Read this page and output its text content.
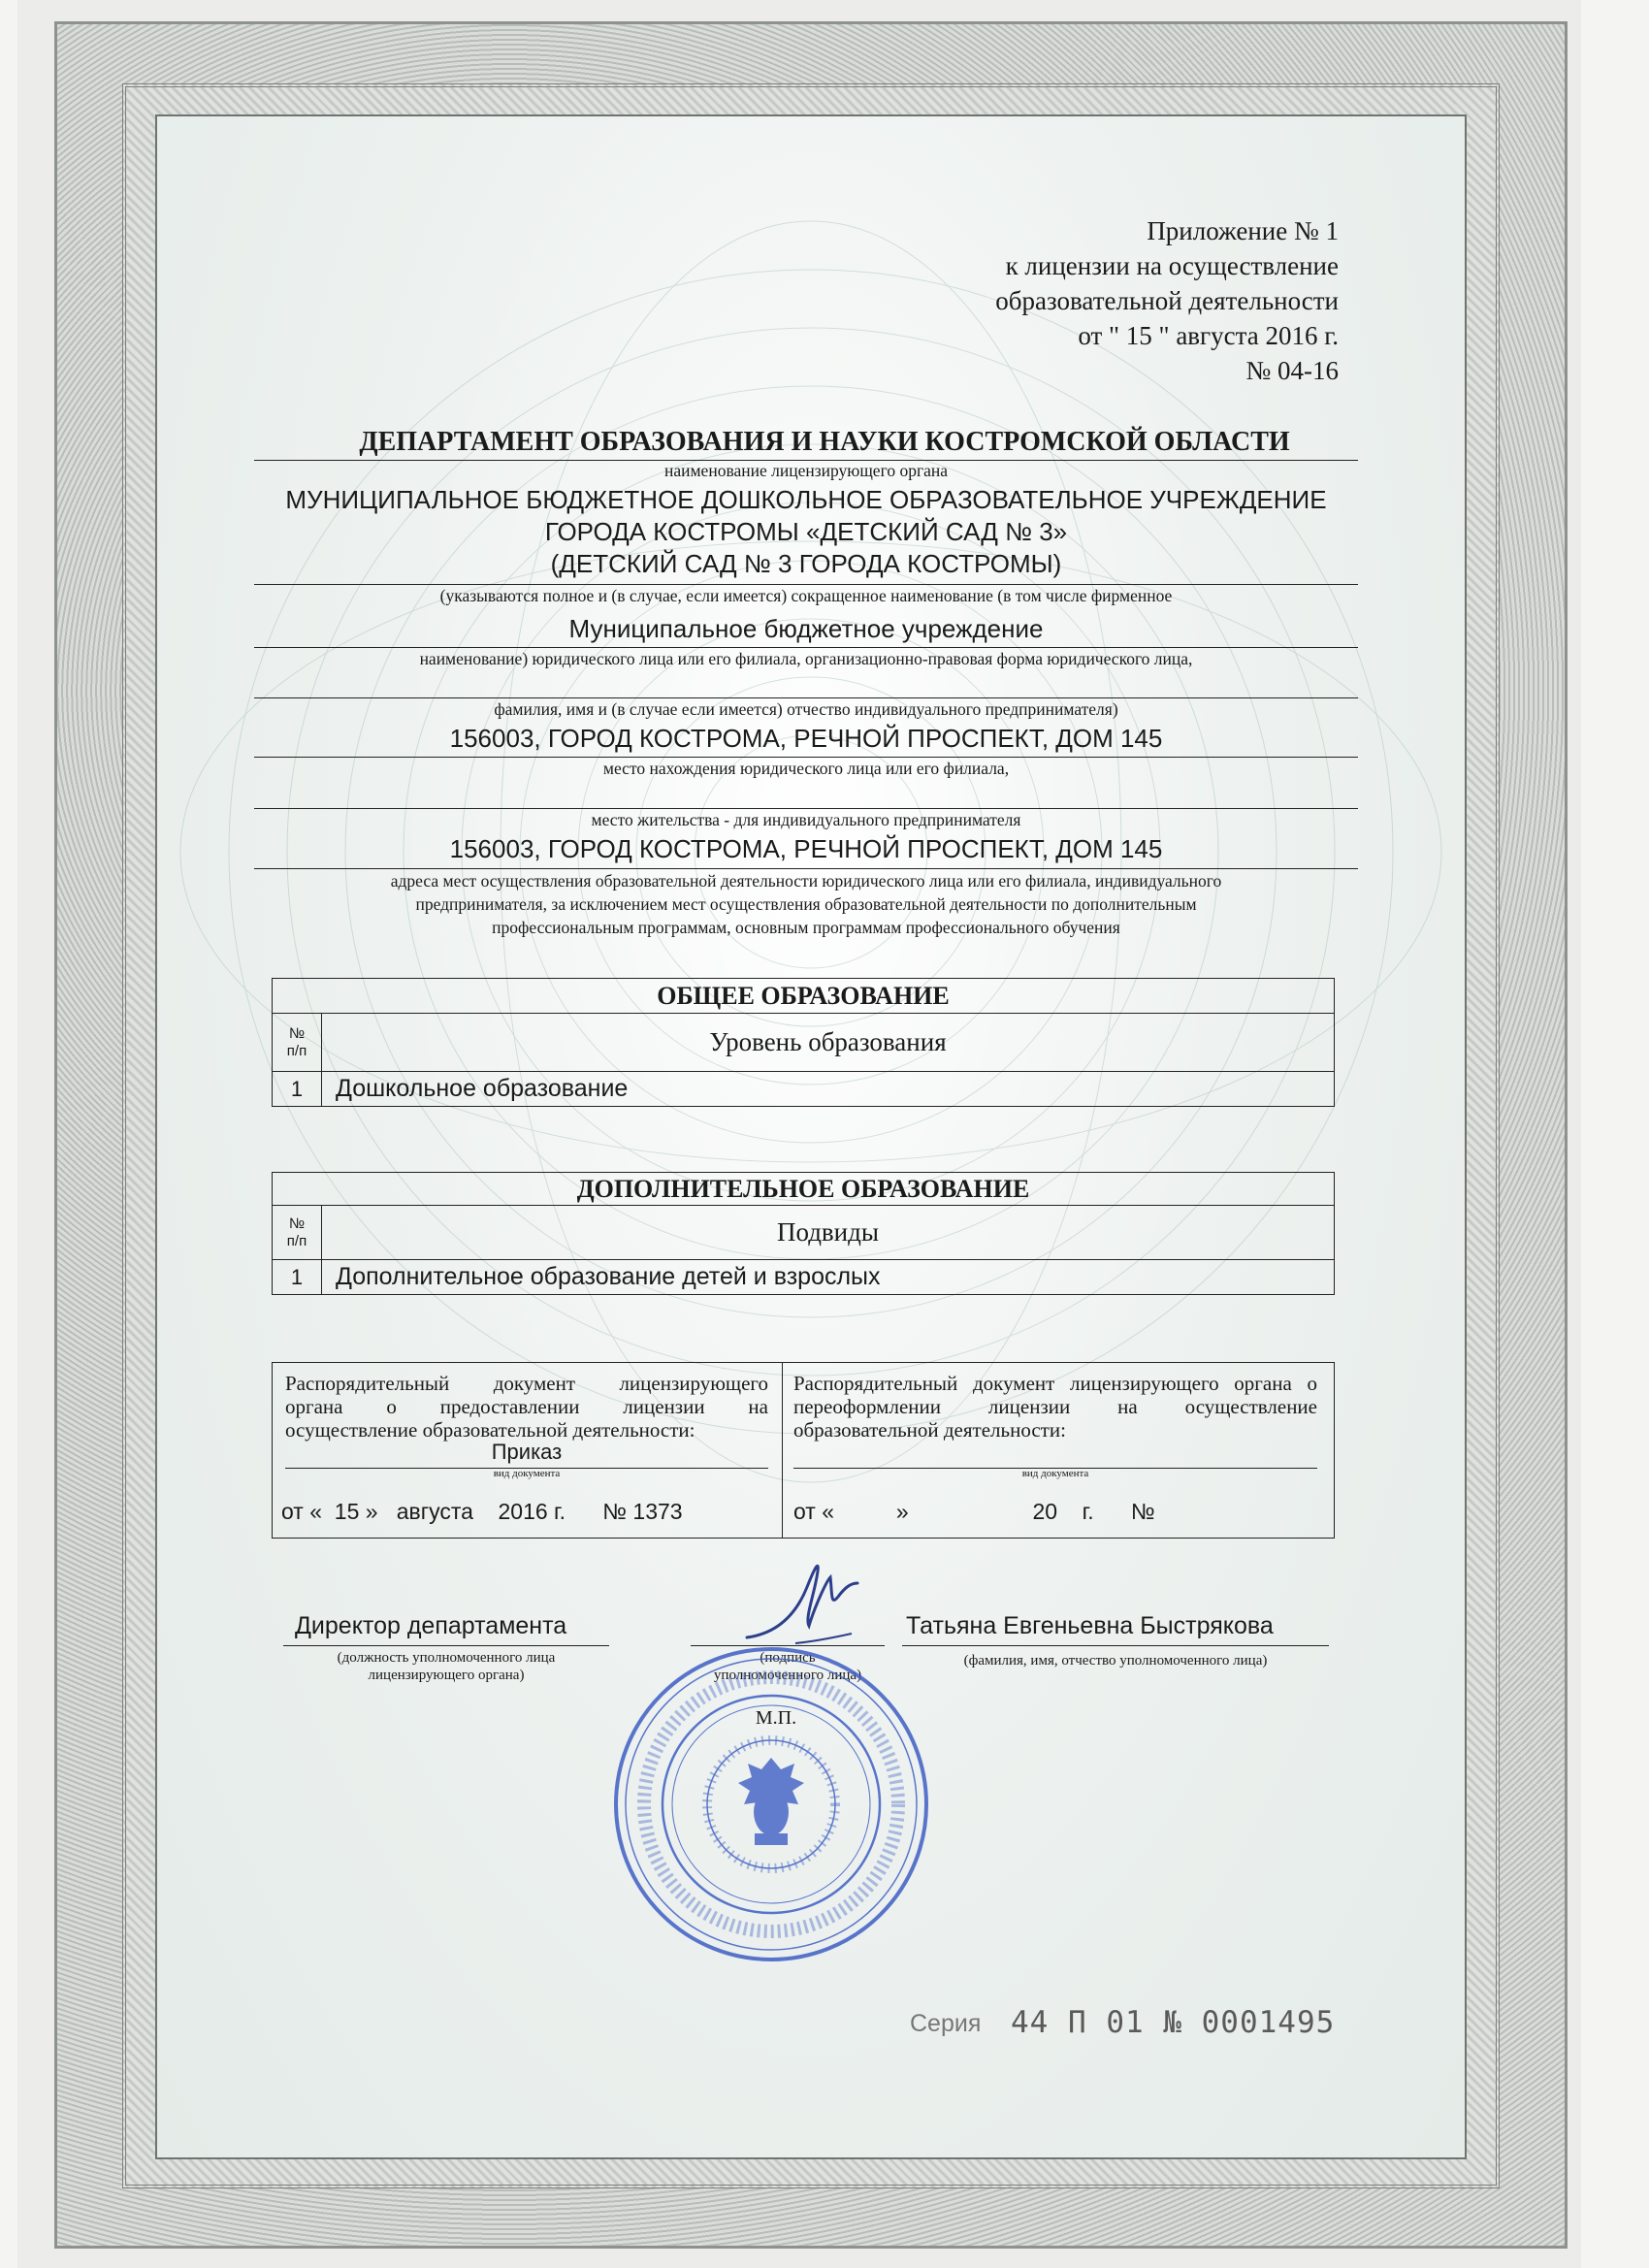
Приложение № 1
к лицензии на осуществление
образовательной деятельности
от " 15 " августа 2016 г.
№ 04-16
ДЕПАРТАМЕНТ ОБРАЗОВАНИЯ И НАУКИ КОСТРОМСКОЙ ОБЛАСТИ
наименование лицензирующего органа
МУНИЦИПАЛЬНОЕ БЮДЖЕТНОЕ ДОШКОЛЬНОЕ ОБРАЗОВАТЕЛЬНОЕ УЧРЕЖДЕНИЕ
ГОРОДА КОСТРОМЫ «ДЕТСКИЙ САД № 3»
(ДЕТСКИЙ САД № 3 ГОРОДА КОСТРОМЫ)
(указываются полное и (в случае, если имеется) сокращенное наименование (в том числе фирменное
Муниципальное бюджетное учреждение
наименование) юридического лица или его филиала, организационно-правовая форма юридического лица,
фамилия, имя и (в случае если имеется) отчество индивидуального предпринимателя)
156003, ГОРОД КОСТРОМА, РЕЧНОЙ ПРОСПЕКТ, ДОМ 145
место нахождения юридического лица или его филиала,
место жительства - для индивидуального предпринимателя
156003, ГОРОД КОСТРОМА, РЕЧНОЙ ПРОСПЕКТ, ДОМ 145
адреса мест осуществления образовательной деятельности юридического лица или его филиала, индивидуального
предпринимателя, за исключением мест осуществления образовательной деятельности по дополнительным
профессиональным программам, основным программам профессионального обучения
ОБЩЕЕ ОБРАЗОВАНИЕ	

№
п/п	Уровень образования
1	Дошкольное образование
ДОПОЛНИТЕЛЬНОЕ ОБРАЗОВАНИЕ	

№
п/п	Подвиды
1	Дополнительное образование детей и взрослых
Распорядительный документ лицензирующего
органа о предоставлении лицензии на
осуществление образовательной деятельности:
Приказ
вид документа
от «  15 »   августа    2016 г.      № 1373
Распорядительный документ лицензирующего органа о
переоформлении лицензии на осуществление
образовательной деятельности:
вид документа
от «          »                    20    г.      №
Директор департамента
(должность уполномоченного лица
лицензирующего органа)
(подпись
уполномоченного лица)
М.П.
Татьяна Евгеньевна Быстрякова
(фамилия, имя, отчество уполномоченного лица)
Серия 44 П 01 № 0001495
